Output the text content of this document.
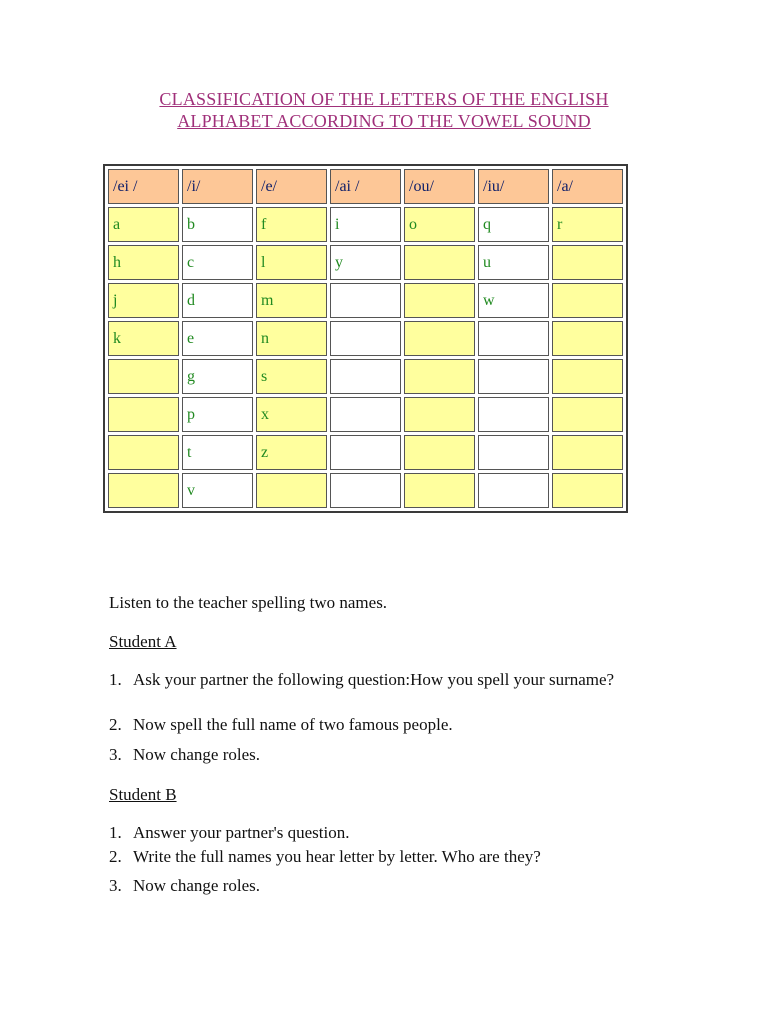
CLASSIFICATION OF THE LETTERS OF THE ENGLISH
ALPHABET ACCORDING TO THE VOWEL SOUND
/ei /	/i/	/e/	/ai /	/ou/	/iu/	/a/
a	b	f	i	o	q	r
h	c	l	y		u	
j	d	m			w	
k	e	n				
	g	s				
	p	x				
	t	z				
	v					
Listen to the teacher spelling two names.
Student A
1. Ask your partner the following question:How you spell your surname?
2. Now spell the full name of two famous people.
3. Now change roles.
Student B
1. Answer your partner's question.
2. Write the full names you hear letter by letter. Who are they?
3. Now change roles.
